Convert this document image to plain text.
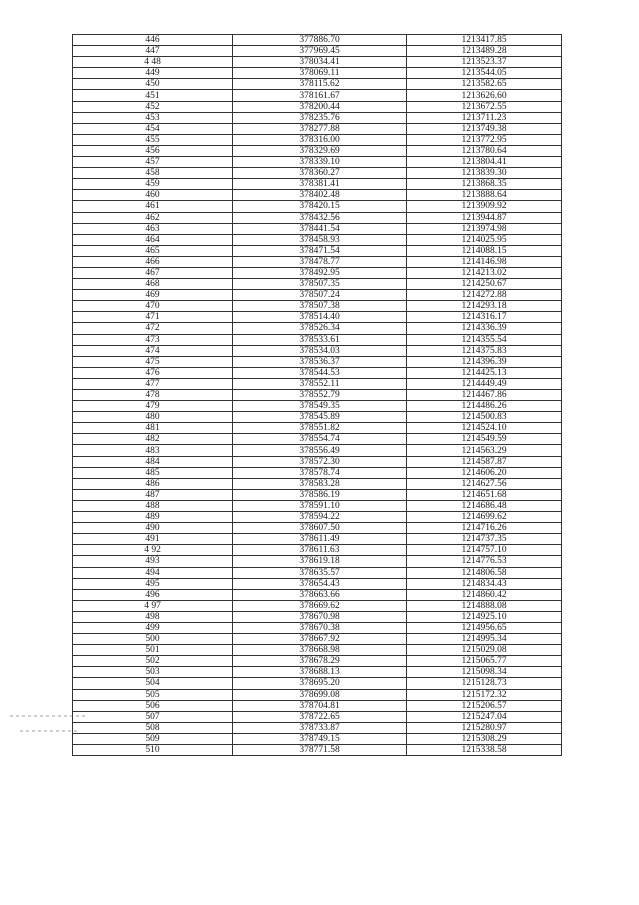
446	377886.70	1213417.85
447	377969.45	1213489.28
4 48	378034.41	1213523.37
449	378069.11	1213544.05
450	378115.62	1213582.65
451	378161.67	1213626.60
452	378200.44	1213672.55
453	378235.76	1213711.23
454	378277.88	1213749.38
455	378316.00	1213772.95
456	378329.69	1213780.64
457	378339.10	1213804.41
458	378360.27	1213839.30
459	378381.41	1213868.35
460	378402.48	1213888.64
461	378420.15	1213909.92
462	378432.56	1213944.87
463	378441.54	1213974.98
464	378458.93	1214025.95
465	378471.54	1214088.15
466	378478.77	1214146.98
467	378492.95	1214213.02
468	378507.35	1214250.67
469	378507.24	1214272.88
470	378507.38	1214293.18
471	378514.40	1214316.17
472	378526.34	1214336.39
473	378533.61	1214355.54
474	378534.03	1214375.83
475	378536.37	1214396.39
476	378544.53	1214425.13
477	378552.11	1214449.49
478	378552.79	1214467.86
479	378549.35	1214486.26
480	378545.89	1214500.83
481	378551.82	1214524.10
482	378554.74	1214549.59
483	378556.49	1214563.29
484	378572.30	1214587.87
485	378578.74	1214606.20
486	378583.28	1214627.56
487	378586.19	1214651.68
488	378591.10	1214686.48
489	378594.22	1214699.62
490	378607.50	1214716.26
491	378611.49	1214737.35
4 92	378611.63	1214757.10
493	378619.18	1214776.53
494	378635.57	1214806.58
495	378654.43	1214834.43
496	378663.66	1214860.42
4 97	378669.62	1214888.08
498	378670.98	1214925.10
499	378670.38	1214956.65
500	378667.92	1214995.34
501	378668.98	1215029.08
502	378678.29	1215065.77
503	378688.13	1215098.34
504	378695.20	1215128.73
505	378699.08	1215172.32
506	378704.81	1215206.57
507	378722.65	1215247.04
508	378733.87	1215280.97
509	378749.15	1215308.29
510	378771.58	1215338.58
